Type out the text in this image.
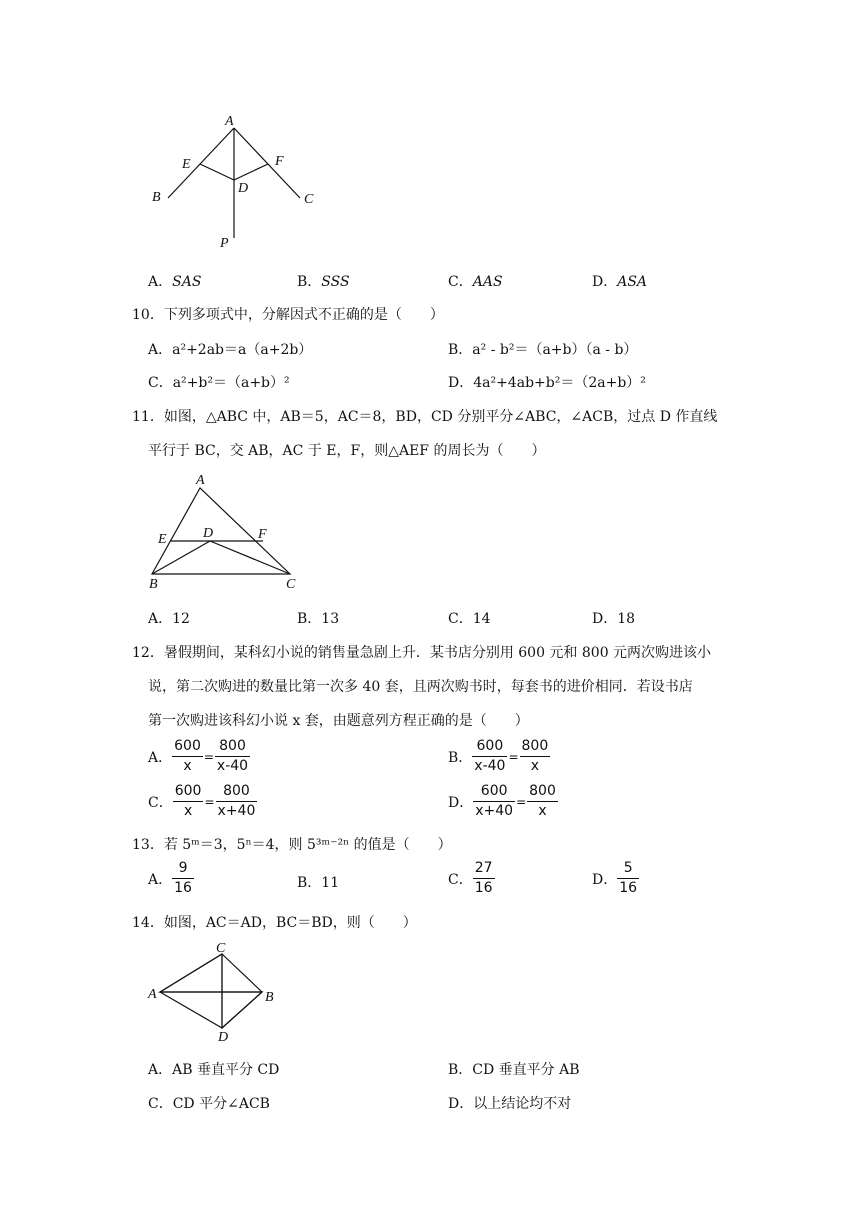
A
E	F
D
B	C
P
A．SAS	B．SSS	C．AAS	D．ASA
10．下列多项式中，分解因式不正确的是（　　）
A．a²+2ab＝a（a+2b）	B．a² - b²＝（a+b）（a - b）
C．a²+b²＝（a+b）²	D．4a²+4ab+b²＝（2a+b）²
11．如图，△ABC 中，AB＝5，AC＝8，BD，CD 分别平分∠ABC，∠ACB，过点 D 作直线
平行于 BC，交 AB，AC 于 E，F，则△AEF 的周长为（　　）
A
E	D	F
B	C
A．12	B．13	C．14	D．18
12．暑假期间，某科幻小说的销售量急剧上升．某书店分别用 600 元和 800 元两次购进该小
说，第二次购进的数量比第一次多 40 套，且两次购书时，每套书的进价相同．若设书店
第一次购进该科幻小说 x 套，由题意列方程正确的是（　　）
A． $\frac{600}{x} = \frac{800}{x-40}$	B． $\frac{600}{x-40} = \frac{800}{x}$
C． $\frac{600}{x} = \frac{800}{x+40}$	D． $\frac{600}{x+40} = \frac{800}{x}$
13．若 5ᵐ＝3，5ⁿ＝4，则 5³ᵐ⁻²ⁿ 的值是（　　）
A． $\frac{9}{16}$	B．11	C． $\frac{27}{16}$	D． $\frac{5}{16}$
14．如图，AC＝AD，BC＝BD，则（　　）
C
A	B
D
A．AB 垂直平分 CD	B．CD 垂直平分 AB
C．CD 平分∠ACB	D．以上结论均不对
